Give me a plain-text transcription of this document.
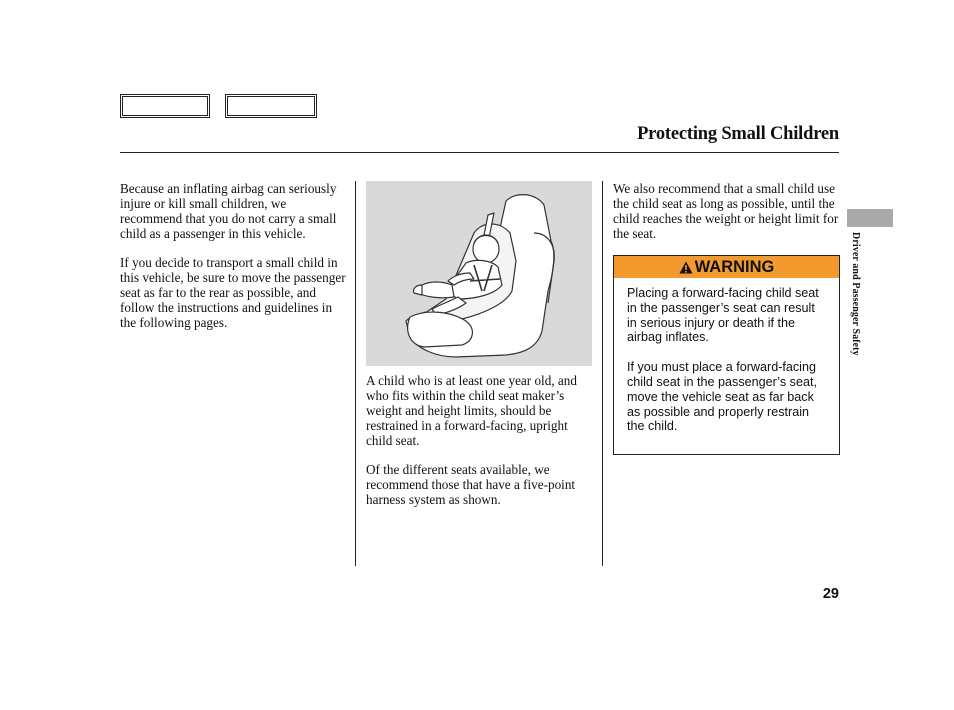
Protecting Small Children

Because an inflating airbag can seriously injure or kill small children, we recommend that you do not carry a small child as a passenger in this vehicle.

If you decide to transport a small child in this vehicle, be sure to move the passenger seat as far to the rear as possible, and follow the instructions and guidelines in the following pages.

A child who is at least one year old, and who fits within the child seat maker’s weight and height limits, should be restrained in a forward-facing, upright child seat.

Of the different seats available, we recommend those that have a five-point harness system as shown.

We also recommend that a small child use the child seat as long as possible, until the child reaches the weight or height limit for the seat.

WARNING

Placing a forward-facing child seat in the passenger’s seat can result in serious injury or death if the airbag inflates.

If you must place a forward-facing child seat in the passenger’s seat, move the vehicle seat as far back as possible and properly restrain the child.

Driver and Passenger Safety
29
